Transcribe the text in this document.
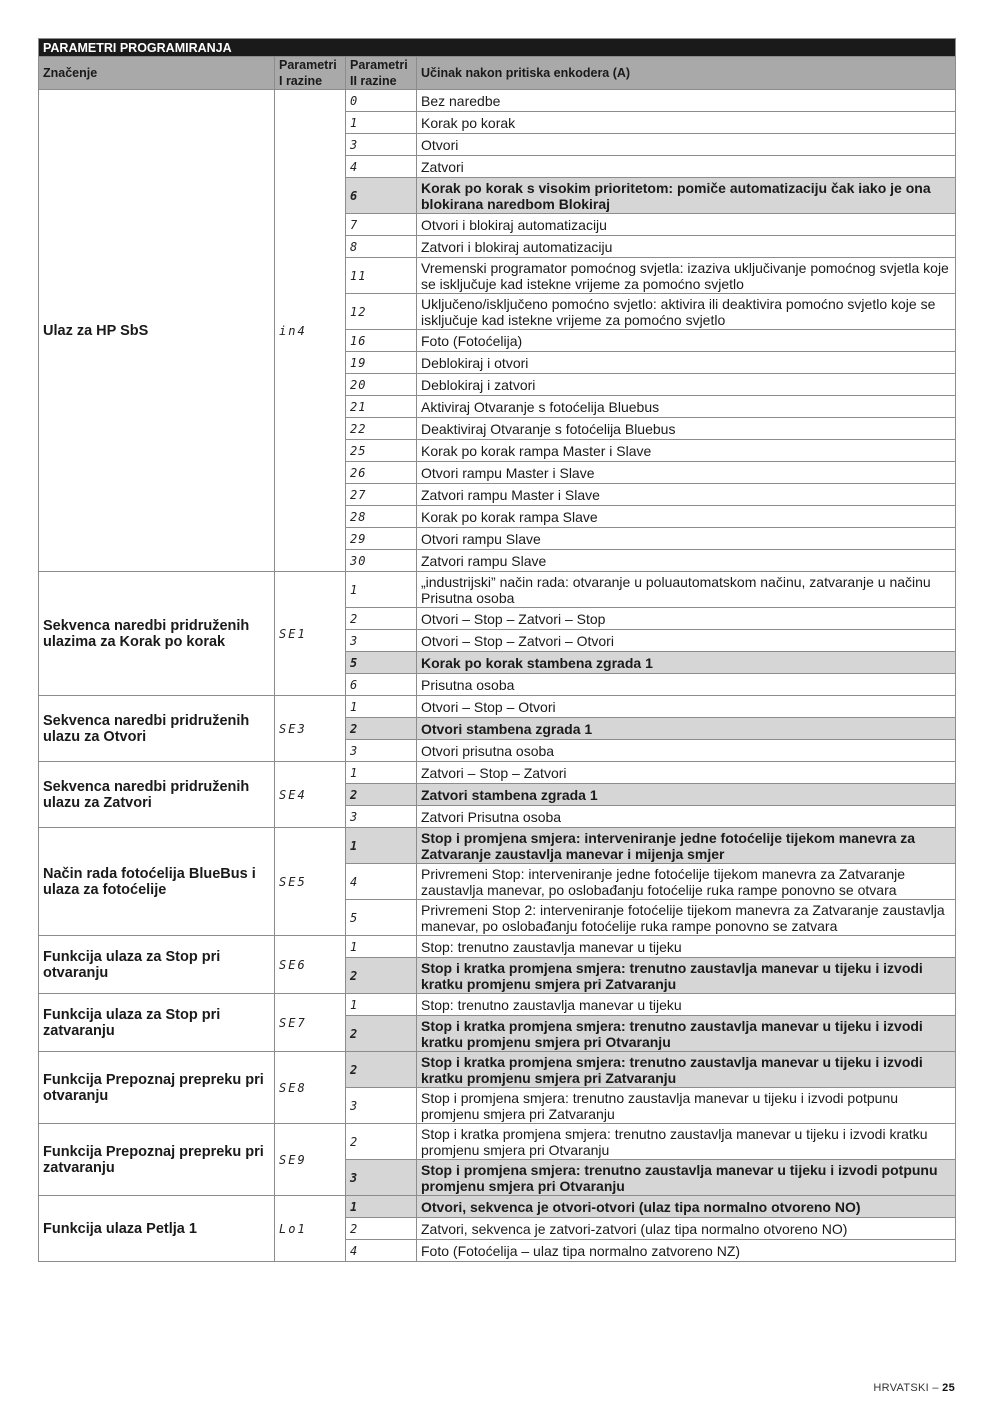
PARAMETRI PROGRAMIRANJA			
Značenje	Parametri I razine	Parametri II razine	Učinak nakon pritiska enkodera (A)
Ulaz za HP SbS	in4	0	Bez naredbe
		1	Korak po korak
		3	Otvori
		4	Zatvori
		6	Korak po korak s visokim prioritetom: pomiče automatizaciju čak iako je ona blokirana naredbom Blokiraj
		7	Otvori i blokiraj automatizaciju
		8	Zatvori i blokiraj automatizaciju
		11	Vremenski programator pomoćnog svjetla: izaziva uključivanje pomoćnog svjetla koje se isključuje kad istekne vrijeme za pomoćno svjetlo
		12	Uključeno/isključeno pomoćno svjetlo: aktivira ili deaktivira pomoćno svjetlo koje se isključuje kad istekne vrijeme za pomoćno svjetlo
		16	Foto (Fotoćelija)
		19	Deblokiraj i otvori
		20	Deblokiraj i zatvori
		21	Aktiviraj Otvaranje s fotoćelija Bluebus
		22	Deaktiviraj Otvaranje s fotoćelija Bluebus
		25	Korak po korak rampa Master i Slave
		26	Otvori rampu Master i Slave
		27	Zatvori rampu Master i Slave
		28	Korak po korak rampa Slave
		29	Otvori rampu Slave
		30	Zatvori rampu Slave
Sekvenca naredbi pridruženih ulazima za Korak po korak	SE1	1	„industrijski” način rada: otvaranje u poluautomatskom načinu, zatvaranje u načinu Prisutna osoba
		2	Otvori – Stop – Zatvori – Stop
		3	Otvori – Stop – Zatvori – Otvori
		5	Korak po korak stambena zgrada 1
		6	Prisutna osoba
Sekvenca naredbi pridruženih ulazu za Otvori	SE3	1	Otvori – Stop – Otvori
		2	Otvori stambena zgrada 1
		3	Otvori prisutna osoba
Sekvenca naredbi pridruženih ulazu za Zatvori	SE4	1	Zatvori – Stop – Zatvori
		2	Zatvori stambena zgrada 1
		3	Zatvori Prisutna osoba
Način rada fotoćelija BlueBus i ulaza za fotoćelije	SE5	1	Stop i promjena smjera: interveniranje jedne fotoćelije tijekom manevra za Zatvaranje zaustavlja manevar i mijenja smjer
		4	Privremeni Stop: interveniranje jedne fotoćelije tijekom manevra za Zatvaranje zaustavlja manevar, po oslobađanju fotoćelije ruka rampe ponovno se otvara
		5	Privremeni Stop 2: interveniranje fotoćelije tijekom manevra za Zatvaranje zaustavlja manevar, po oslobađanju fotoćelije ruka rampe ponovno se zatvara
Funkcija ulaza za Stop pri otvaranju	SE6	1	Stop: trenutno zaustavlja manevar u tijeku
		2	Stop i kratka promjena smjera: trenutno zaustavlja manevar u tijeku i izvodi kratku promjenu smjera pri Zatvaranju
Funkcija ulaza za Stop pri zatvaranju	SE7	1	Stop: trenutno zaustavlja manevar u tijeku
		2	Stop i kratka promjena smjera: trenutno zaustavlja manevar u tijeku i izvodi kratku promjenu smjera pri Otvaranju
Funkcija Prepoznaj prepreku pri otvaranju	SE8	2	Stop i kratka promjena smjera: trenutno zaustavlja manevar u tijeku i izvodi kratku promjenu smjera pri Zatvaranju
		3	Stop i promjena smjera: trenutno zaustavlja manevar u tijeku i izvodi potpunu promjenu smjera pri Zatvaranju
Funkcija Prepoznaj prepreku pri zatvaranju	SE9	2	Stop i kratka promjena smjera: trenutno zaustavlja manevar u tijeku i izvodi kratku promjenu smjera pri Otvaranju
		3	Stop i promjena smjera: trenutno zaustavlja manevar u tijeku i izvodi potpunu promjenu smjera pri Otvaranju
Funkcija ulaza Petlja 1	Lo1	1	Otvori, sekvenca je otvori-otvori (ulaz tipa normalno otvoreno NO)
		2	Zatvori, sekvenca je zatvori-zatvori (ulaz tipa normalno otvoreno NO)
		4	Foto (Fotoćelija – ulaz tipa normalno zatvoreno NZ)
HRVATSKI – 25
